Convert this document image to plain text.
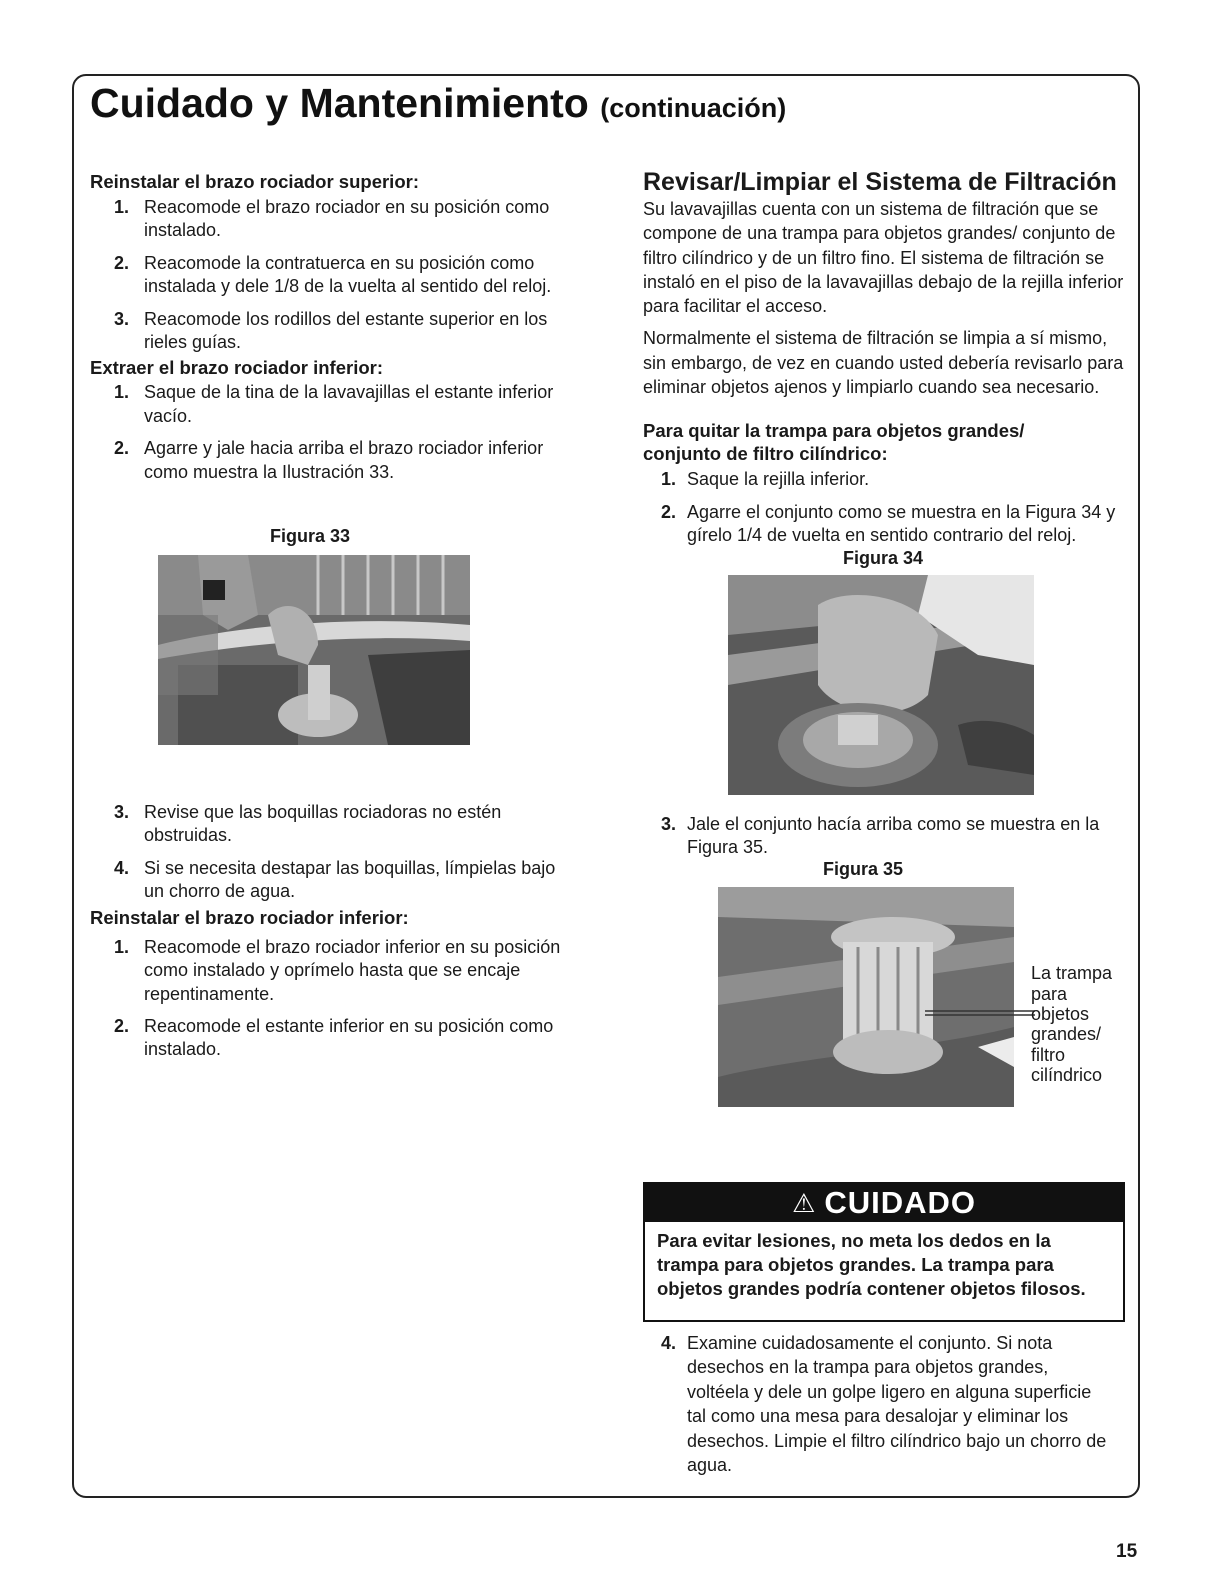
Cuidado y Mantenimiento (continuación)
Reinstalar el brazo rociador superior:
1. Reacomode el brazo rociador en su posición como instalado.
2. Reacomode la contratuerca en su posición como instalada y dele 1/8 de la vuelta al sentido del reloj.
3. Reacomode los rodillos del estante superior en los rieles guías.
Extraer el brazo rociador inferior:
1. Saque de la tina de la lavavajillas el estante inferior vacío.
2. Agarre y jale hacia arriba el brazo rociador inferior como muestra la Ilustración 33.
Figura 33
3. Revise que las boquillas rociadoras no estén obstruidas.
4. Si se necesita destapar las boquillas, límpielas bajo un chorro de agua.
Reinstalar el brazo rociador inferior:
1. Reacomode el brazo rociador inferior en su posición como instalado y oprímelo hasta que se encaje repentinamente.
2. Reacomode el estante inferior en su posición como instalado.
Revisar/Limpiar el Sistema de Filtración

Su lavavajillas cuenta con un sistema de filtración que se compone de una trampa para objetos grandes/ conjunto de filtro cilíndrico y de un filtro fino. El sistema de filtración se instaló en el piso de la lavavajillas debajo de la rejilla inferior para facilitar el acceso.

Normalmente el sistema de filtración se limpia a sí mismo, sin embargo, de vez en cuando usted debería revisarlo para eliminar objetos ajenos y limpiarlo cuando sea necesario.

Para quitar la trampa para objetos grandes/
conjunto de filtro cilíndrico:
1. Saque la rejilla inferior.
2. Agarre el conjunto como se muestra en la Figura 34 y gírelo 1/4 de vuelta en sentido contrario del reloj.
Figura 34
3. Jale el conjunto hacía arriba como se muestra en la Figura 35.
Figura 35
La trampa
para
objetos
grandes/
filtro
cilíndrico
⚠ CUIDADO
Para evitar lesiones, no meta los dedos en la trampa para objetos grandes. La trampa para objetos grandes podría contener objetos filosos.
4. Examine cuidadosamente el conjunto. Si nota desechos en la trampa para objetos grandes, voltéela y dele un golpe ligero en alguna superficie tal como una mesa para desalojar y eliminar los desechos. Limpie el filtro cilíndrico bajo un chorro de agua.
15
